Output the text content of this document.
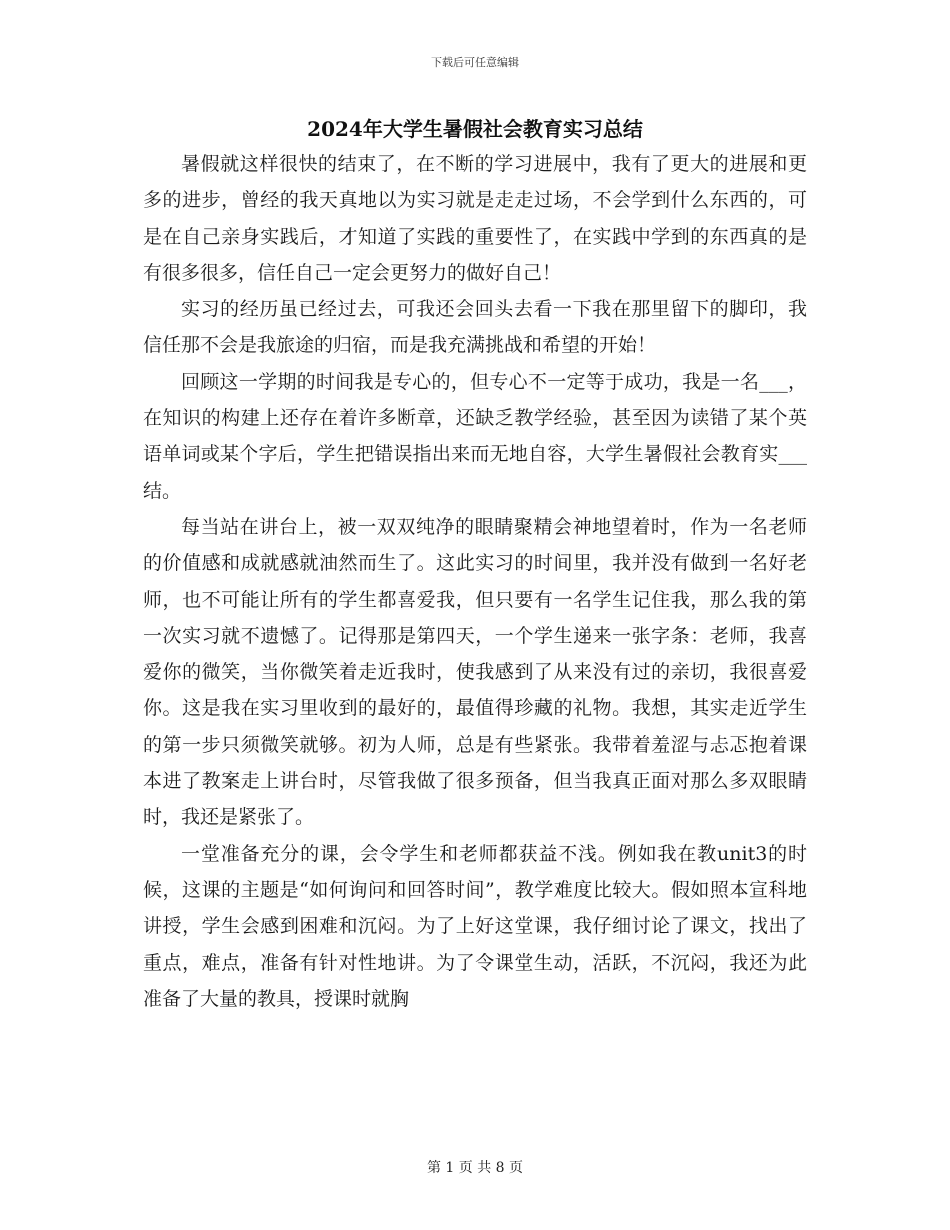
下载后可任意编辑
2024年大学生暑假社会教育实习总结

暑假就这样很快的结束了，在不断的学习进展中，我有了更大的进展和更多的进步，曾经的我天真地以为实习就是走走过场，不会学到什么东西的，可是在自己亲身实践后，才知道了实践的重要性了，在实践中学到的东西真的是有很多很多，信任自己一定会更努力的做好自己！

实习的经历虽已经过去，可我还会回头去看一下我在那里留下的脚印，我信任那不会是我旅途的归宿，而是我充满挑战和希望的开始！

回顾这一学期的时间我是专心的，但专心不一定等于成功，我是一名___，在知识的构建上还存在着许多断章，还缺乏教学经验，甚至因为读错了某个英语单词或某个字后，学生把错误指出来而无地自容，大学生暑假社会教育实___结。

每当站在讲台上，被一双双纯净的眼睛聚精会神地望着时，作为一名老师的价值感和成就感就油然而生了。这此实习的时间里，我并没有做到一名好老师，也不可能让所有的学生都喜爱我，但只要有一名学生记住我，那么我的第一次实习就不遗憾了。记得那是第四天，一个学生递来一张字条：老师，我喜爱你的微笑，当你微笑着走近我时，使我感到了从来没有过的亲切，我很喜爱你。这是我在实习里收到的最好的，最值得珍藏的礼物。我想，其实走近学生的第一步只须微笑就够。初为人师，总是有些紧张。我带着羞涩与忐忑抱着课本进了教案走上讲台时，尽管我做了很多预备，但当我真正面对那么多双眼睛时，我还是紧张了。

一堂准备充分的课，会令学生和老师都获益不浅。例如我在教unit3的时候，这课的主题是“如何询问和回答时间”，教学难度比较大。假如照本宣科地讲授，学生会感到困难和沉闷。为了上好这堂课，我仔细讨论了课文，找出了重点，难点，准备有针对性地讲。为了令课堂生动，活跃，不沉闷，我还为此准备了大量的教具，授课时就胸

第 1 页 共 8 页
